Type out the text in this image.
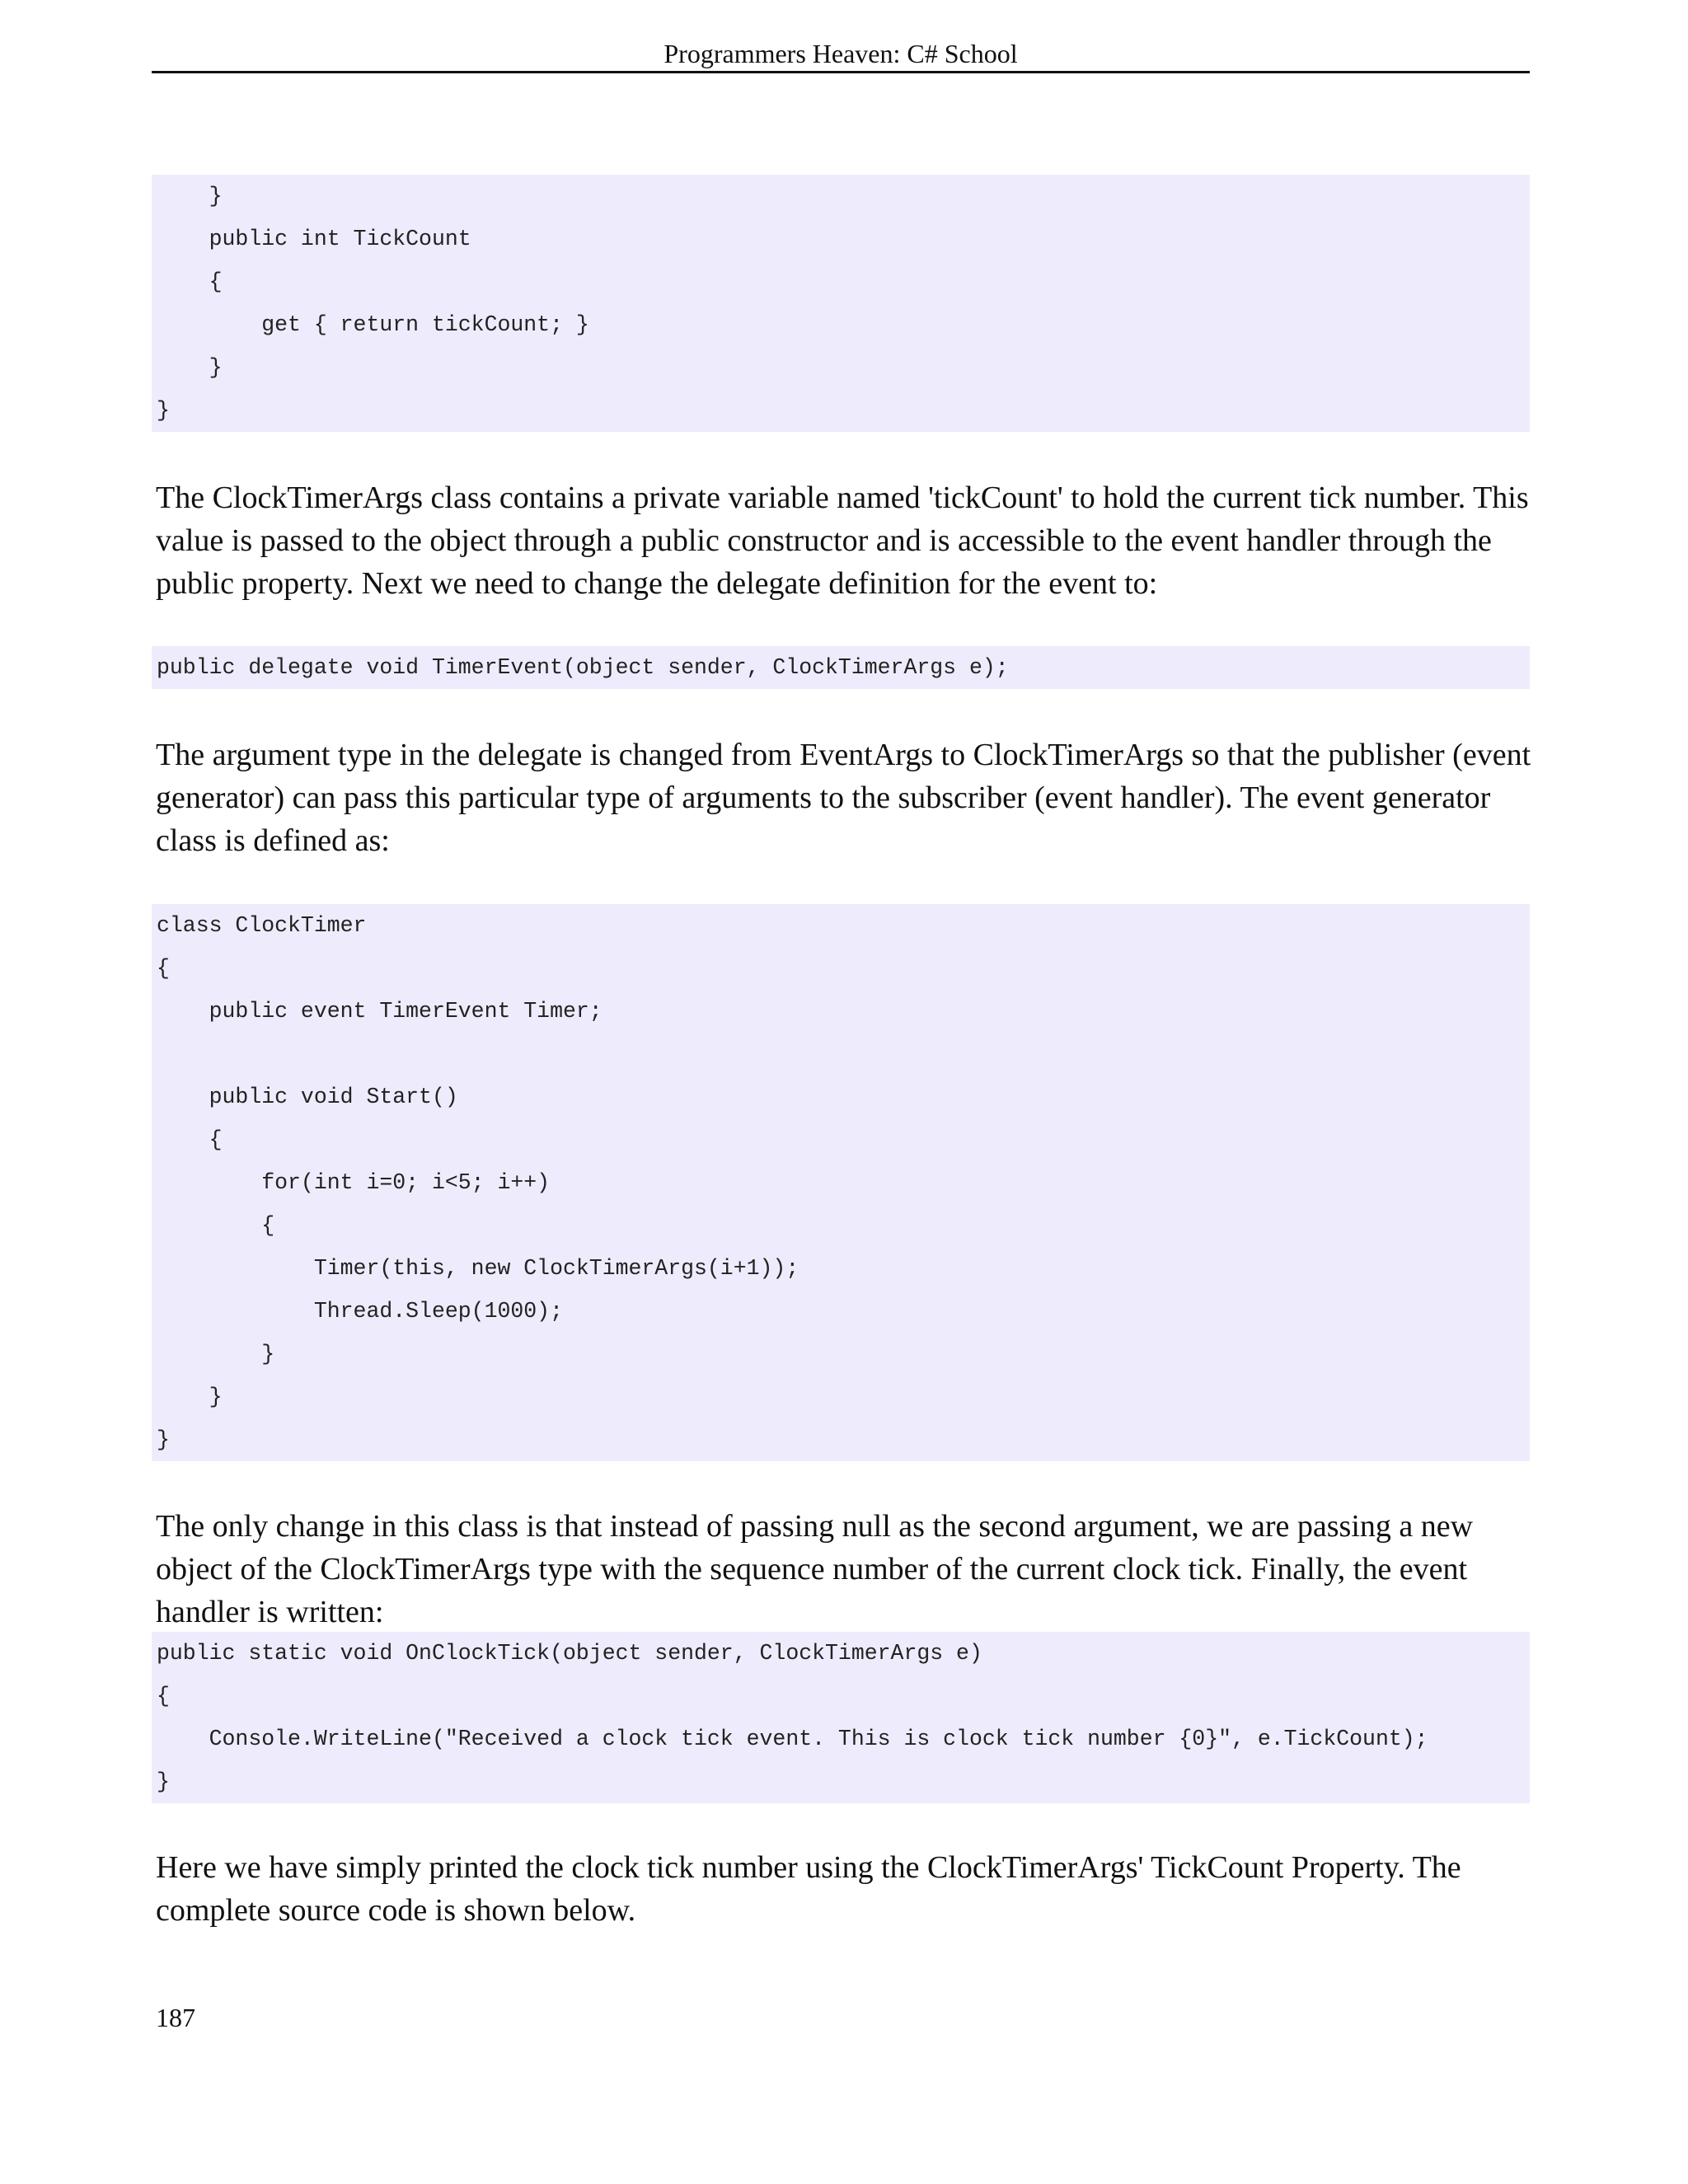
Programmers Heaven: C# School
}
public int TickCount
{
get { return tickCount; }
}
}

The ClockTimerArgs class contains a private variable named 'tickCount' to hold the current tick number. This value is passed to the object through a public constructor and is accessible to the event handler through the public property. Next we need to change the delegate definition for the event to:

public delegate void TimerEvent(object sender, ClockTimerArgs e);

The argument type in the delegate is changed from EventArgs to ClockTimerArgs so that the publisher (event generator) can pass this particular type of arguments to the subscriber (event handler). The event generator class is defined as:

class ClockTimer
{
public event TimerEvent Timer;
public void Start()
{
for(int i=0; i<5; i++)
{
Timer(this, new ClockTimerArgs(i+1));
Thread.Sleep(1000);
}
}
}

The only change in this class is that instead of passing null as the second argument, we are passing a new object of the ClockTimerArgs type with the sequence number of the current clock tick. Finally, the event handler is written:

public static void OnClockTick(object sender, ClockTimerArgs e)
{
Console.WriteLine("Received a clock tick event. This is clock tick number {0}", e.TickCount);
}

Here we have simply printed the clock tick number using the ClockTimerArgs' TickCount Property. The complete source code is shown below.

187
